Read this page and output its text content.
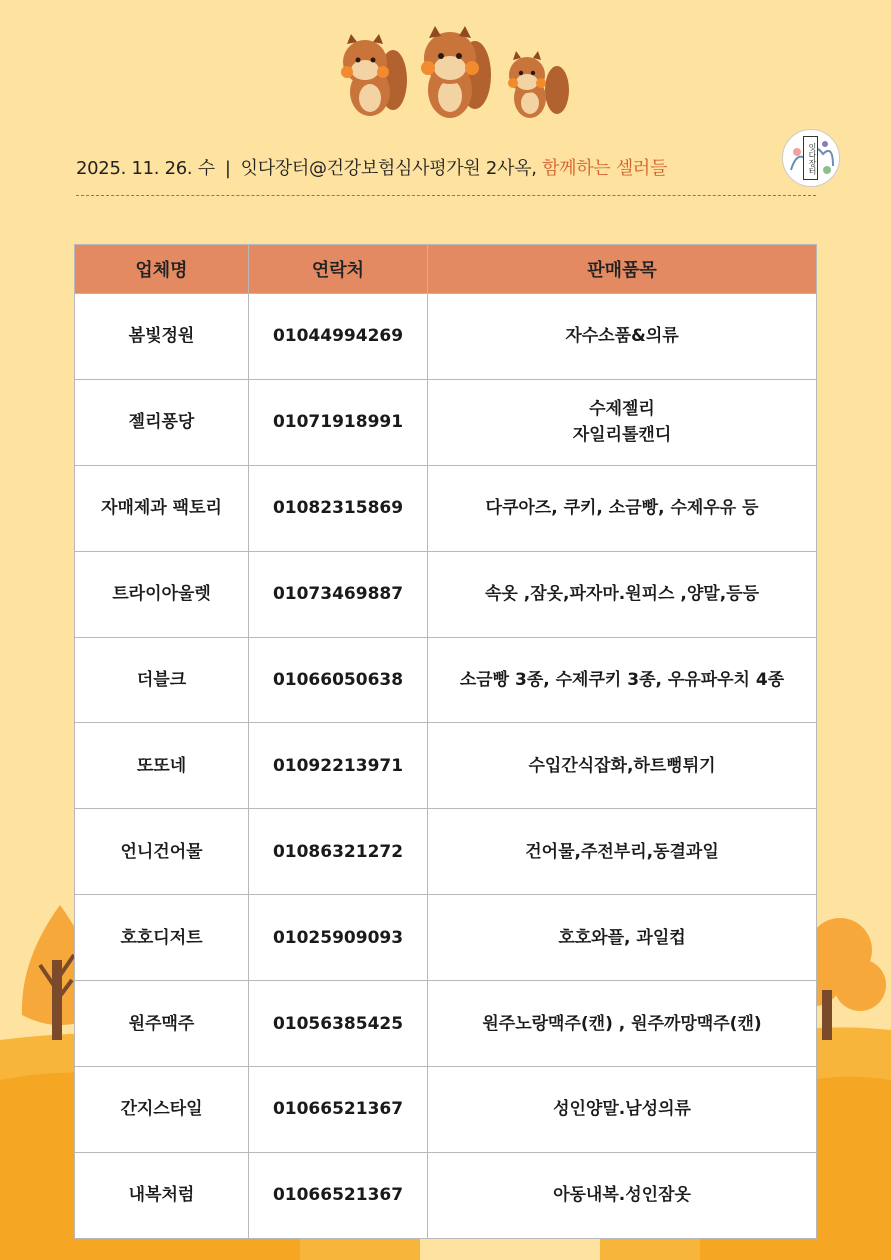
2025. 11. 26. 수 | 잇다장터@건강보험심사평가원 2사옥, 함께하는 셀러들	잇다장터
업체명	연락처	판매품목
봄빛정원	01044994269	자수소품&의류
젤리퐁당	01071918991	수제젤리
자일리톨캔디
자매제과 팩토리	01082315869	다쿠아즈, 쿠키, 소금빵, 수제우유 등
트라이아울렛	01073469887	속옷 ,잠옷,파자마.원피스 ,양말,등등
더블크	01066050638	소금빵 3종, 수제쿠키 3종, 우유파우치 4종
또또네	01092213971	수입간식잡화,하트뻥튀기
언니건어물	01086321272	건어물,주전부리,동결과일
호호디저트	01025909093	호호와플, 과일컵
원주맥주	01056385425	원주노랑맥주(캔) , 원주까망맥주(캔)
간지스타일	01066521367	성인양말.남성의류
내복처럼	01066521367	아동내복.성인잠옷
